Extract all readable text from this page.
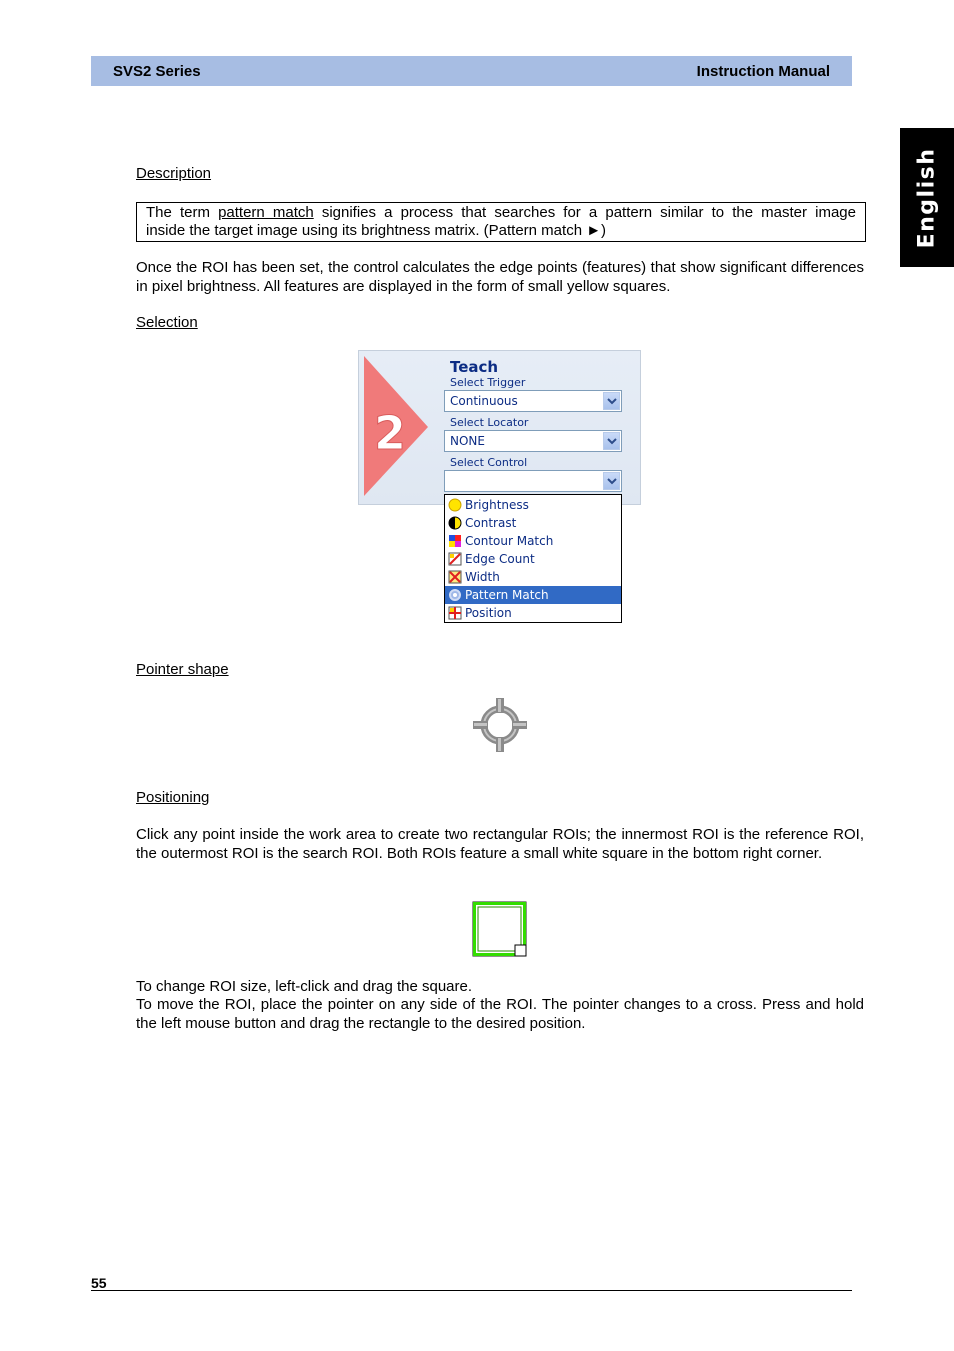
SVS2 Series	Instruction Manual
English
Description
The term pattern match signifies a process that searches for a pattern similar to the master image
inside the target image using its brightness matrix. (Pattern match ►)
Once the ROI has been set, the control calculates the edge points (features) that show significant differences in pixel brightness. All features are displayed in the form of small yellow squares.
Selection
2
Teach
Select Trigger
Continuous
Select Locator
NONE
Select Control
Brightness
Contrast
Contour Match
Edge Count
Width
Pattern Match
Position
Pointer shape
Positioning
Click any point inside the work area to create two rectangular ROIs; the innermost ROI is the reference ROI, the outermost ROI is the search ROI. Both ROIs feature a small white square in the bottom right corner.
To change ROI size, left-click and drag the square.
To move the ROI, place the pointer on any side of the ROI. The pointer changes to a cross. Press and hold the left mouse button and drag the rectangle to the desired position.
55
